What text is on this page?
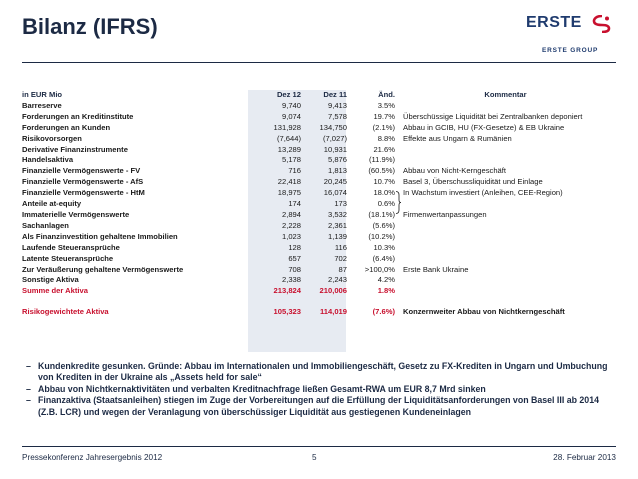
Bilanz (IFRS)	ERSTE
ERSTE GROUP
in EUR Mio	Dez 12	Dez 11	Änd.	Kommentar
Barreserve	9,740	9,413	3.5%	
Forderungen an Kreditinstitute	9,074	7,578	19.7%	Überschüssige Liquidität bei Zentralbanken deponiert
Forderungen an Kunden	131,928	134,750	(2.1%)	Abbau in GCIB, HU (FX-Gesetze) & EB Ukraine
Risikovorsorgen	(7,644)	(7,027)	8.8%	Effekte aus Ungarn & Rumänien
Derivative Finanzinstrumente	13,289	10,931	21.6%	
Handelsaktiva	5,178	5,876	(11.9%)	
Finanzielle Vermögenswerte - FV	716	1,813	(60.5%)	Abbau von Nicht-Kerngeschäft
Finanzielle Vermögenswerte - AfS	22,418	20,245	10.7%	Basel 3, Überschussliquidität und Einlage
Finanzielle Vermögenswerte - HtM	18,975	16,074	18.0%	In Wachstum investiert (Anleihen, CEE-Region)
Anteile at-equity	174	173	0.6%	
Immaterielle Vermögenswerte	2,894	3,532	(18.1%)	Firmenwertanpassungen
Sachanlagen	2,228	2,361	(5.6%)	
Als Finanzinvestition gehaltene Immobilien	1,023	1,139	(10.2%)	
Laufende Steueransprüche	128	116	10.3%	
Latente Steueransprüche	657	702	(6.4%)	
Zur Veräußerung gehaltene Vermögenswerte	708	87	>100,0%	Erste Bank Ukraine
Sonstige Aktiva	2,338	2,243	4.2%	
Summe der Aktiva	213,824	210,006	1.8%	

Risikogewichtete Aktiva	105,323	114,019	(7.6%)	Konzernweiter Abbau von Nichtkerngeschäft
– Kundenkredite gesunken. Gründe: Abbau im Internationalen und Immobiliengeschäft, Gesetz zu FX-Krediten in Ungarn und Umbuchung von Krediten in der Ukraine als „Assets held for sale“
– Abbau von Nichtkernaktivitäten und verbalten Kreditnachfrage ließen Gesamt-RWA um EUR 8,7 Mrd sinken
– Finanzaktiva (Staatsanleihen) stiegen im Zuge der Vorbereitungen auf die Erfüllung der Liquiditätsanforderungen von Basel III ab 2014 (Z.B. LCR) und wegen der Veranlagung von überschüssiger Liquidität aus gestiegenen Kundeneinlagen
Pressekonferenz Jahresergebnis 2012	5	28. Februar 2013
